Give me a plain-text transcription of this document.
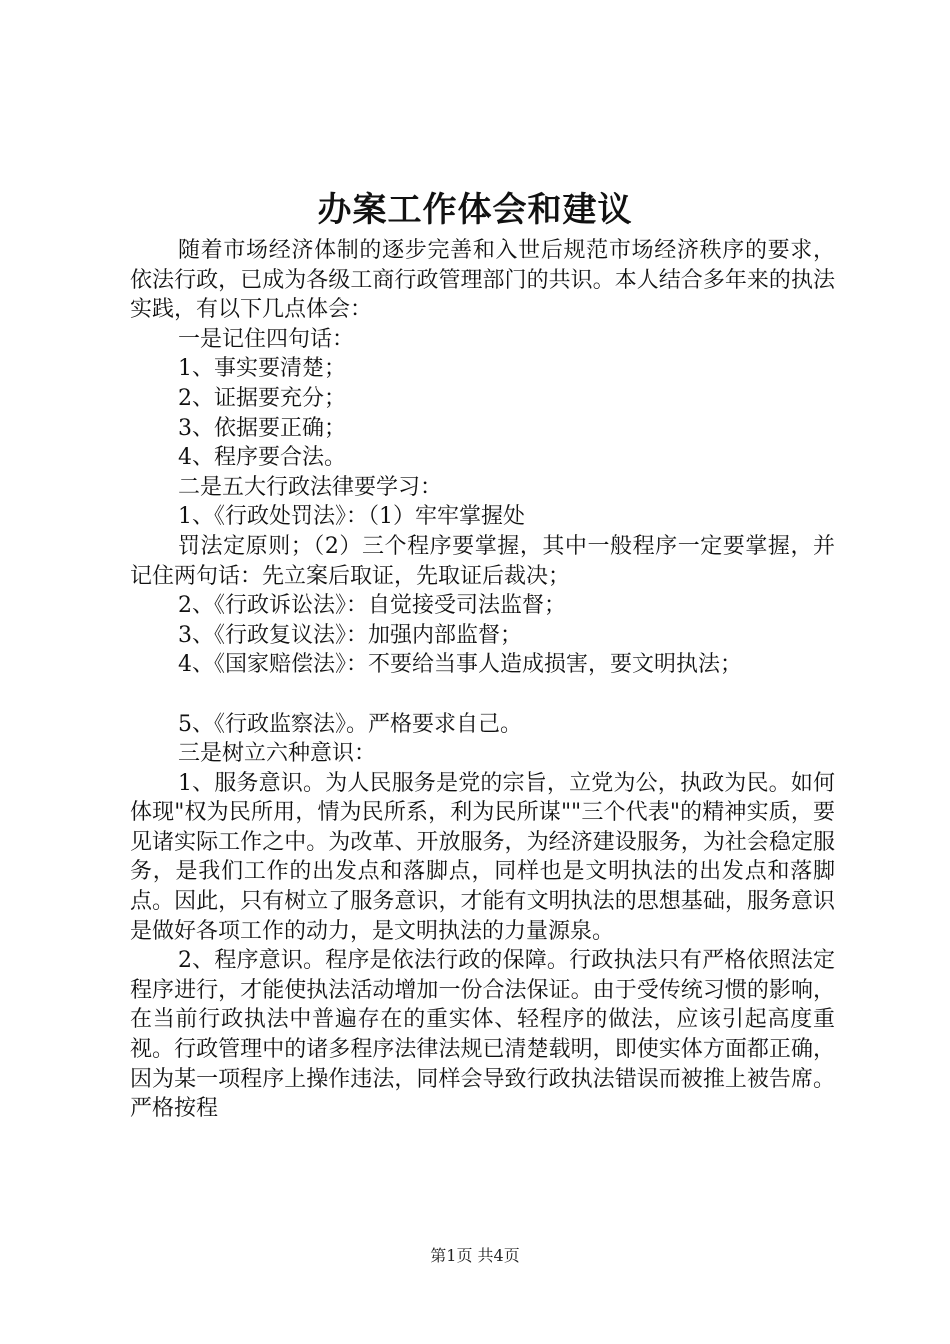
办案工作体会和建议

随着市场经济体制的逐步完善和入世后规范市场经济秩序的要求，依法行政，已成为各级工商行政管理部门的共识。本人结合多年来的执法实践，有以下几点体会：

一是记住四句话：

1、事实要清楚；

2、证据要充分；

3、依据要正确；

4、程序要合法。

二是五大行政法律要学习：

1、《行政处罚法》：（1）牢牢掌握处

罚法定原则；（2）三个程序要掌握，其中一般程序一定要掌握，并记住两句话：先立案后取证，先取证后裁决；

2、《行政诉讼法》：自觉接受司法监督；

3、《行政复议法》：加强内部监督；

4、《国家赔偿法》：不要给当事人造成损害，要文明执法；

5、《行政监察法》。严格要求自己。

三是树立六种意识：

1、服务意识。为人民服务是党的宗旨，立党为公，执政为民。如何体现"权为民所用，情为民所系，利为民所谋""三个代表"的精神实质，要见诸实际工作之中。为改革、开放服务，为经济建设服务，为社会稳定服务，是我们工作的出发点和落脚点，同样也是文明执法的出发点和落脚点。因此，只有树立了服务意识，才能有文明执法的思想基础，服务意识是做好各项工作的动力，是文明执法的力量源泉。

2、程序意识。程序是依法行政的保障。行政执法只有严格依照法定程序进行，才能使执法活动增加一份合法保证。由于受传统习惯的影响，在当前行政执法中普遍存在的重实体、轻程序的做法，应该引起高度重视。行政管理中的诸多程序法律法规已清楚载明，即使实体方面都正确，因为某一项程序上操作违法，同样会导致行政执法错误而被推上被告席。严格按程

第1页 共4页
